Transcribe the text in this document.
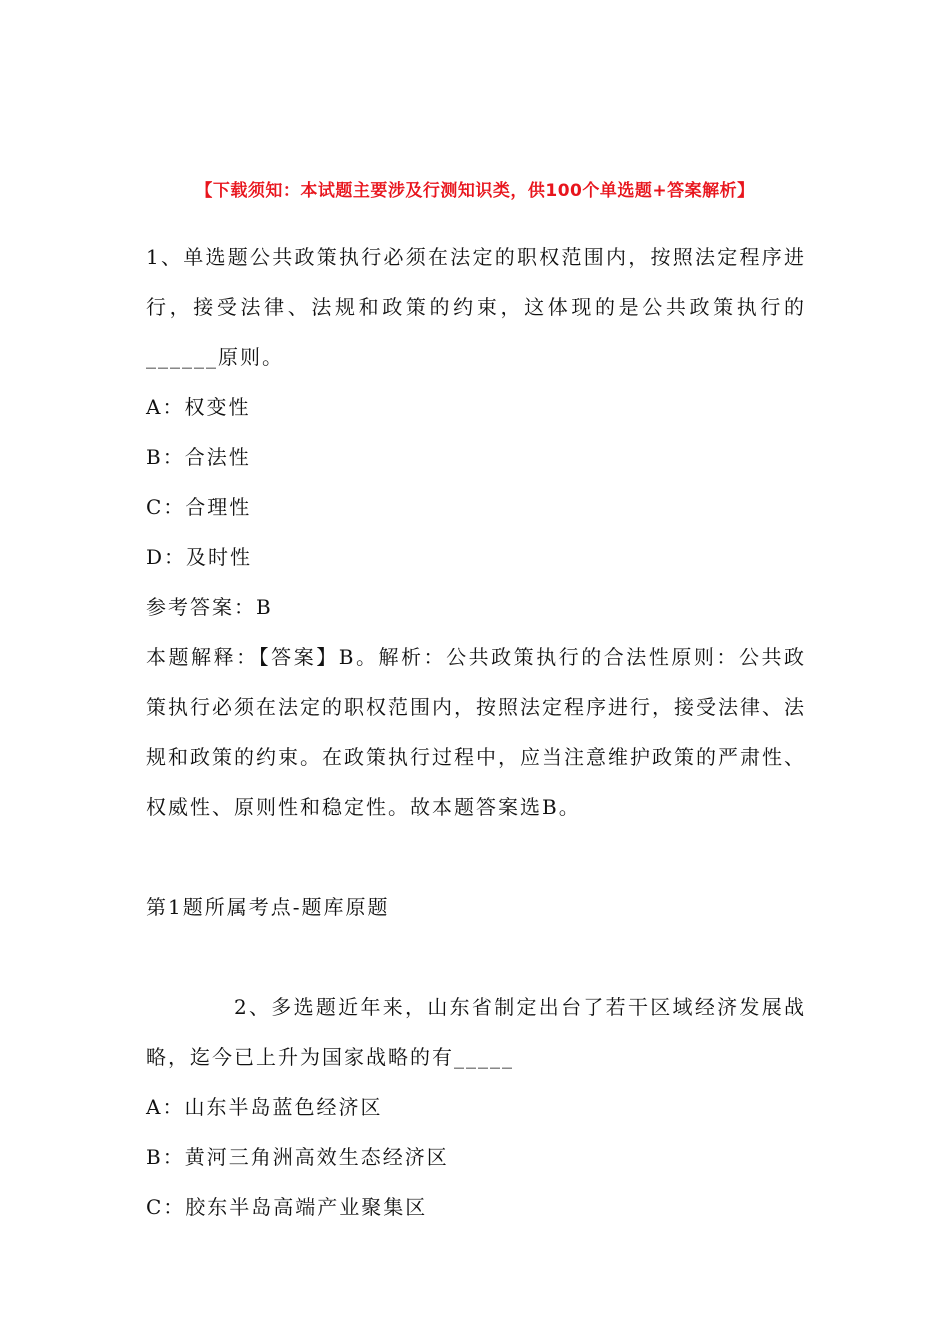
【下载须知：本试题主要涉及行测知识类，供100个单选题+答案解析】

1、单选题公共政策执行必须在法定的职权范围内，按照法定程序进行，接受法律、法规和政策的约束，这体现的是公共政策执行的______原则。

A：权变性

B：合法性

C：合理性

D：及时性

参考答案：B

本题解释：【答案】B。解析：公共政策执行的合法性原则：公共政策执行必须在法定的职权范围内，按照法定程序进行，接受法律、法规和政策的约束。在政策执行过程中，应当注意维护政策的严肃性、权威性、原则性和稳定性。故本题答案选B。

第1题所属考点-题库原题

2、多选题近年来，山东省制定出台了若干区域经济发展战略，迄今已上升为国家战略的有_____

A：山东半岛蓝色经济区

B：黄河三角洲高效生态经济区

C：胶东半岛高端产业聚集区
